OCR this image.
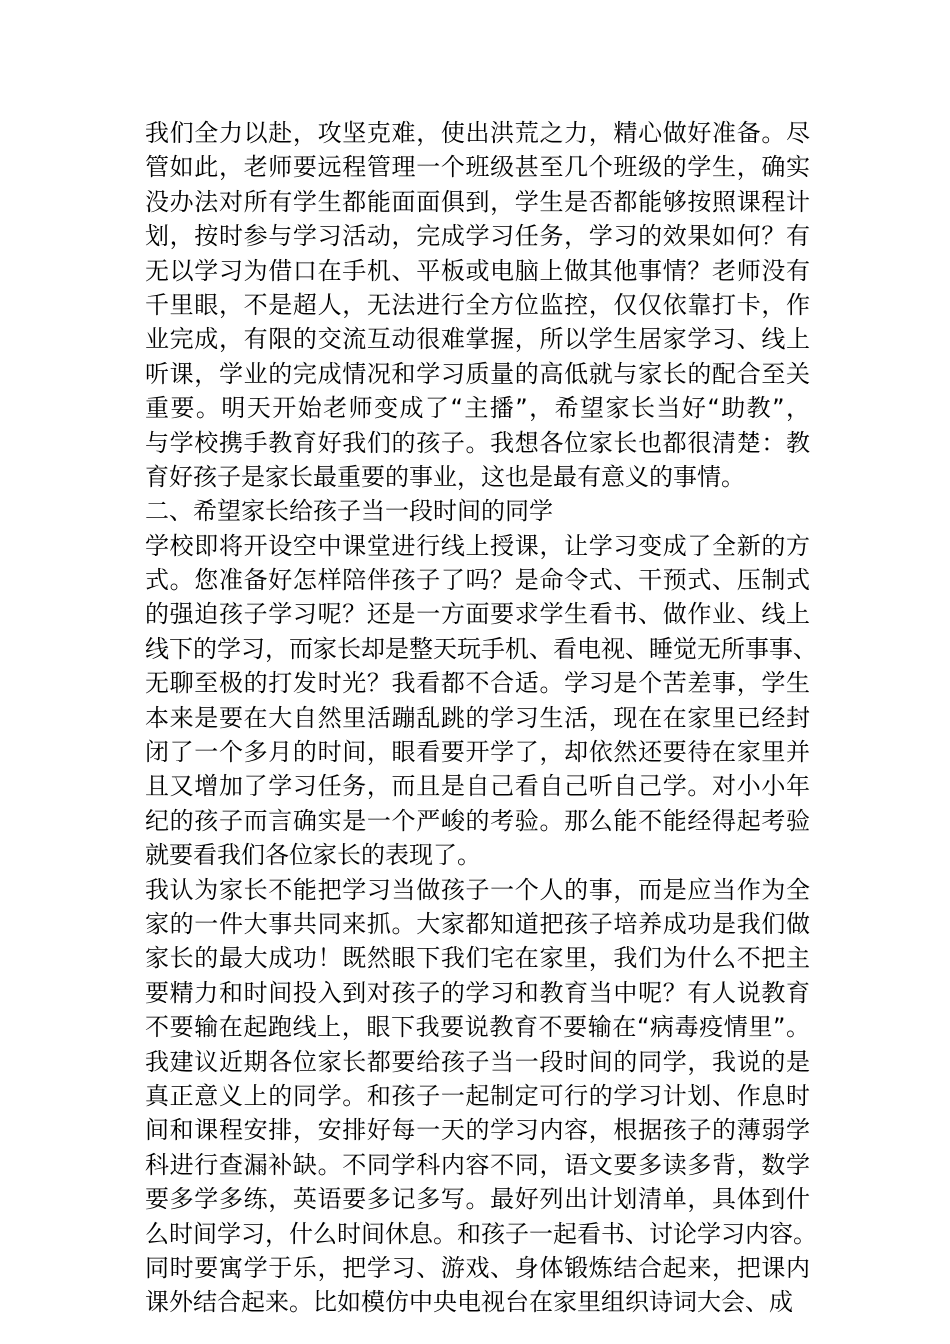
我们全力以赴，攻坚克难，使出洪荒之力，精心做好准备。尽
管如此，老师要远程管理一个班级甚至几个班级的学生，确实
没办法对所有学生都能面面俱到，学生是否都能够按照课程计
划，按时参与学习活动，完成学习任务，学习的效果如何？有
无以学习为借口在手机、平板或电脑上做其他事情？老师没有
千里眼，不是超人，无法进行全方位监控，仅仅依靠打卡，作
业完成，有限的交流互动很难掌握，所以学生居家学习、线上
听课，学业的完成情况和学习质量的高低就与家长的配合至关
重要。明天开始老师变成了“主播”，希望家长当好“助教”，
与学校携手教育好我们的孩子。我想各位家长也都很清楚：教
育好孩子是家长最重要的事业，这也是最有意义的事情。
二、希望家长给孩子当一段时间的同学
学校即将开设空中课堂进行线上授课，让学习变成了全新的方
式。您准备好怎样陪伴孩子了吗？是命令式、干预式、压制式
的强迫孩子学习呢？还是一方面要求学生看书、做作业、线上
线下的学习，而家长却是整天玩手机、看电视、睡觉无所事事、
无聊至极的打发时光？我看都不合适。学习是个苦差事，学生
本来是要在大自然里活蹦乱跳的学习生活，现在在家里已经封
闭了一个多月的时间，眼看要开学了，却依然还要待在家里并
且又增加了学习任务，而且是自己看自己听自己学。对小小年
纪的孩子而言确实是一个严峻的考验。那么能不能经得起考验
就要看我们各位家长的表现了。
我认为家长不能把学习当做孩子一个人的事，而是应当作为全
家的一件大事共同来抓。大家都知道把孩子培养成功是我们做
家长的最大成功！既然眼下我们宅在家里，我们为什么不把主
要精力和时间投入到对孩子的学习和教育当中呢？有人说教育
不要输在起跑线上，眼下我要说教育不要输在“病毒疫情里”。
我建议近期各位家长都要给孩子当一段时间的同学，我说的是
真正意义上的同学。和孩子一起制定可行的学习计划、作息时
间和课程安排，安排好每一天的学习内容，根据孩子的薄弱学
科进行查漏补缺。不同学科内容不同，语文要多读多背，数学
要多学多练，英语要多记多写。最好列出计划清单，具体到什
么时间学习，什么时间休息。和孩子一起看书、讨论学习内容。
同时要寓学于乐，把学习、游戏、身体锻炼结合起来，把课内
课外结合起来。比如模仿中央电视台在家里组织诗词大会、成
